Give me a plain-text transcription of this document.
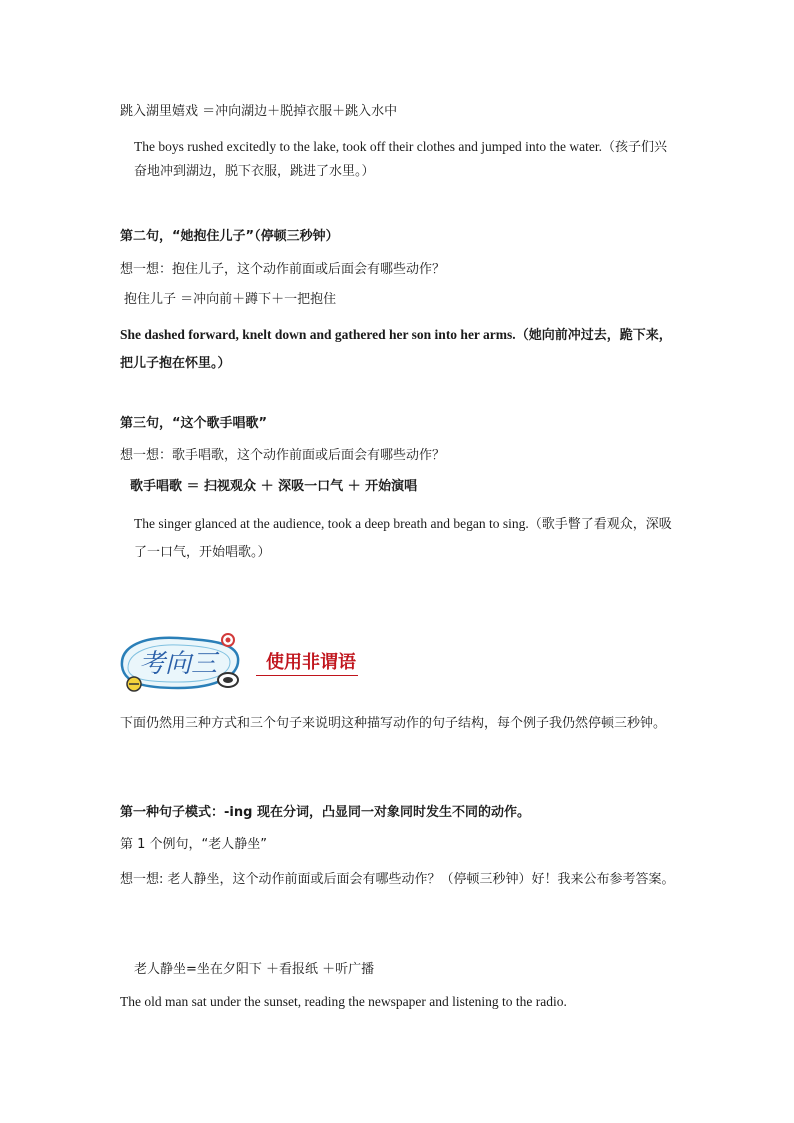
跳入湖里嬉戏 ＝冲向湖边＋脱掉衣服＋跳入水中
The boys rushed excitedly to the lake, took off their clothes and jumped into the water.（孩子们兴奋地冲到湖边，脱下衣服，跳进了水里。）
第二句，“她抱住儿子”（停顿三秒钟）
想一想：抱住儿子，这个动作前面或后面会有哪些动作？
抱住儿子 ＝冲向前＋蹲下＋一把抱住
She dashed forward, knelt down and gathered her son into her arms.（她向前冲过去，跪下来，把儿子抱在怀里。）
第三句，“这个歌手唱歌”
想一想：歌手唱歌，这个动作前面或后面会有哪些动作？
歌手唱歌 ＝ 扫视观众 ＋ 深吸一口气 ＋ 开始演唱
The singer glanced at the audience, took a deep breath and began to sing.（歌手瞥了看观众，深吸了一口气，开始唱歌。）
考向三	使用非谓语
下面仍然用三种方式和三个句子来说明这种描写动作的句子结构，每个例子我仍然停顿三秒钟。
第一种句子模式：-ing 现在分词，凸显同一对象同时发生不同的动作。
第 1 个例句，“老人静坐”
想一想: 老人静坐，这个动作前面或后面会有哪些动作？（停顿三秒钟）好！我来公布参考答案。
老人静坐=坐在夕阳下 ＋看报纸 ＋听广播
The old man sat under the sunset, reading the newspaper and listening to the radio.
